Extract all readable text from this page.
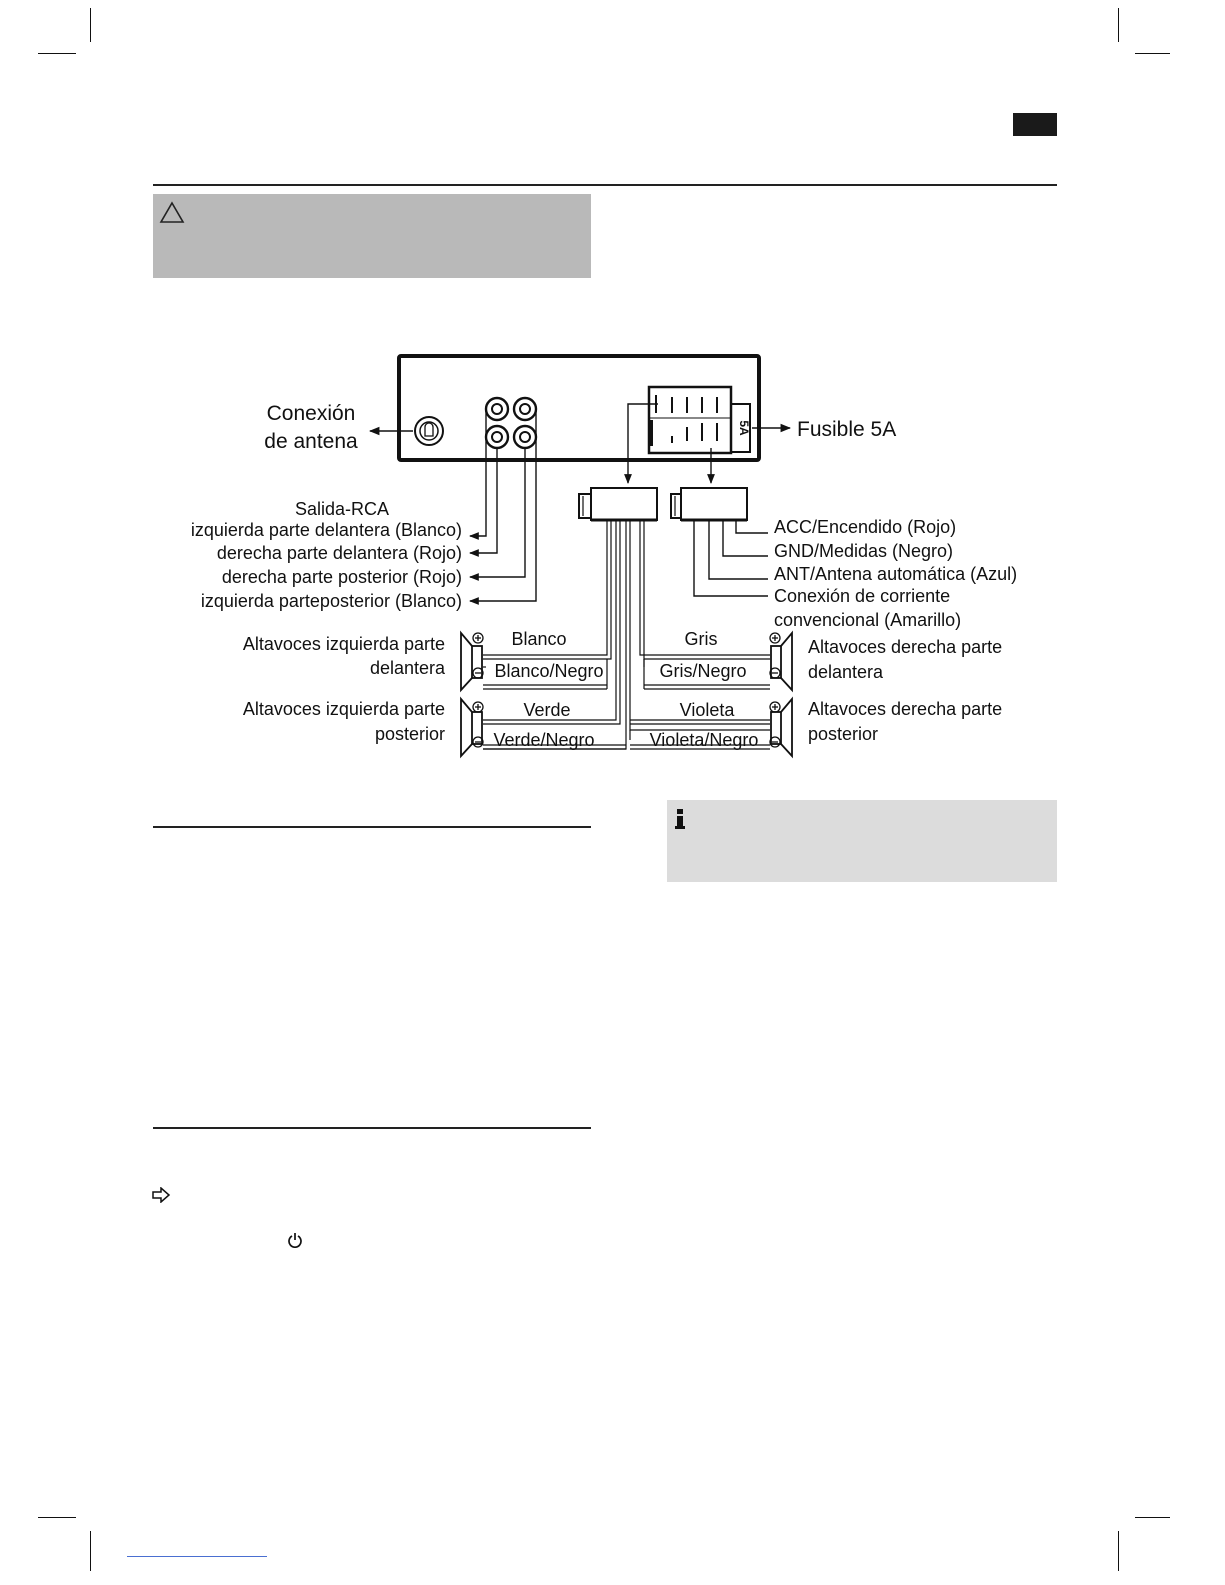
5A
Conexión
de antena
Fusible 5A
Salida-RCA
izquierda parte delantera (Blanco)
derecha parte delantera (Rojo)
derecha parte posterior (Rojo)
izquierda parteposterior (Blanco)
ACC/Encendido (Rojo)
GND/Medidas (Negro)
ANT/Antena automática (Azul)
Conexión de corriente
convencional (Amarillo)
Altavoces izquierda parte
delantera
Altavoces izquierda parte
posterior
Altavoces derecha parte
delantera
Altavoces derecha parte
posterior
Blanco
Blanco/Negro
Verde
Verde/Negro
Gris
Gris/Negro
Violeta
Violeta/Negro
